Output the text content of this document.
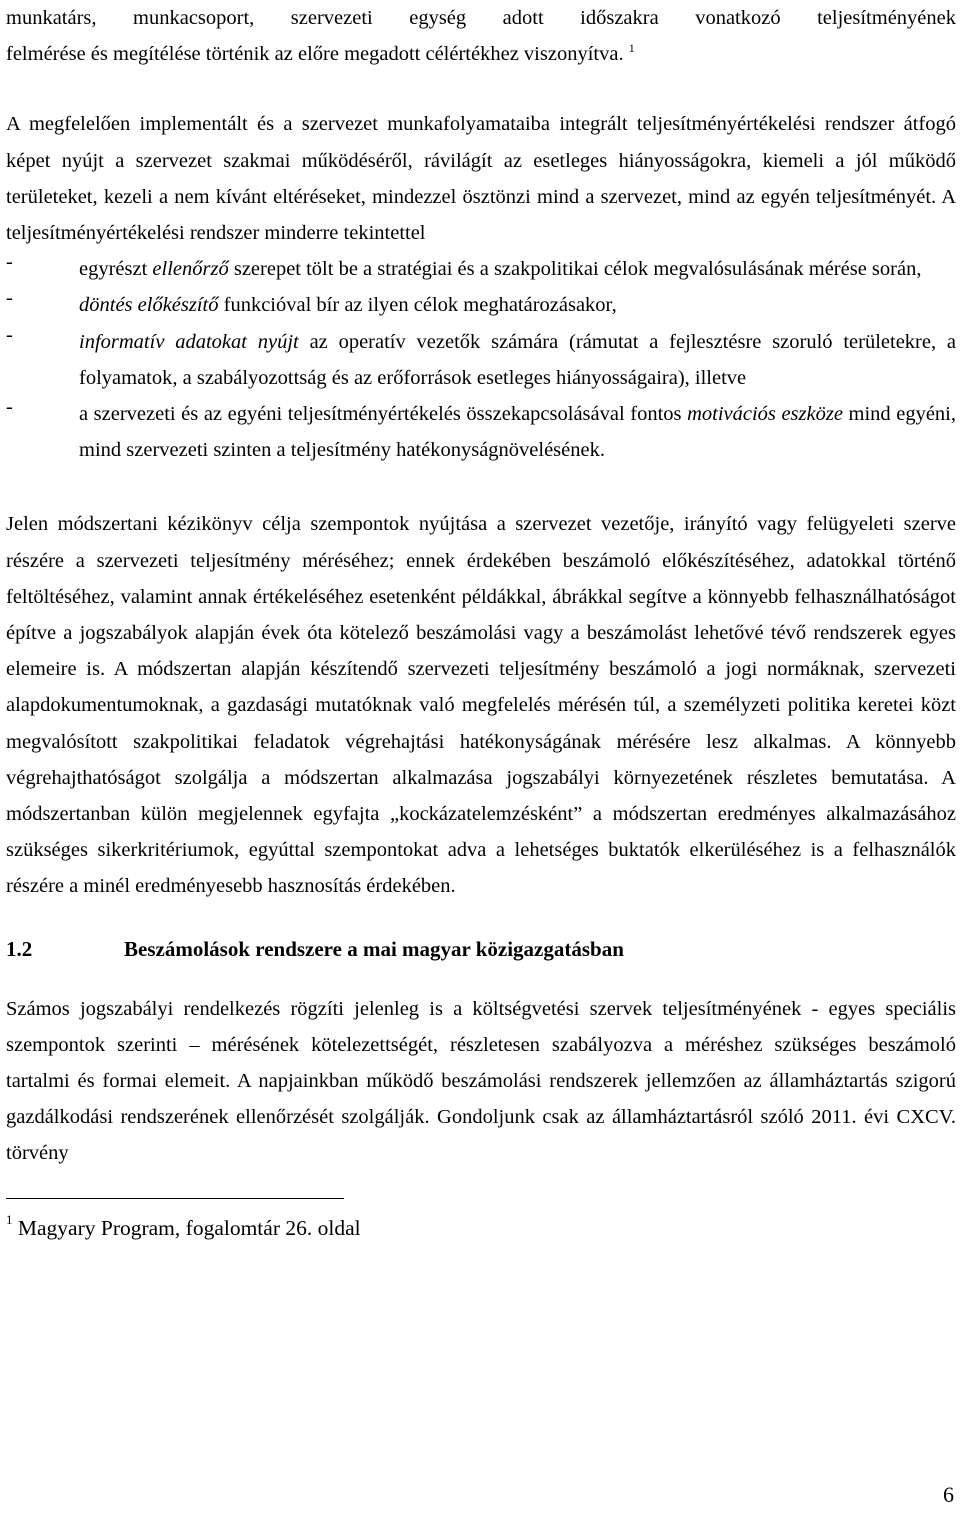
munkatárs, munkacsoport, szervezeti egység adott időszakra vonatkozó teljesítményének

felmérése és megítélése történik az előre megadott célértékhez viszonyítva. $^1$

A megfelelően implementált és a szervezet munkafolyamataiba integrált teljesítményértékelési rendszer átfogó képet nyújt a szervezet szakmai működéséről, rávilágít az esetleges hiányosságokra, kiemeli a jól működő területeket, kezeli a nem kívánt eltéréseket, mindezzel ösztönzi mind a szervezet, mind az egyén teljesítményét. A teljesítményértékelési rendszer minderre tekintettel

-	egyrészt ellenőrző szerepet tölt be a stratégiai és a szakpolitikai célok megvalósulásának mérése során,

-	döntés előkészítő funkcióval bír az ilyen célok meghatározásakor,

-	informatív adatokat nyújt az operatív vezetők számára (rámutat a fejlesztésre szoruló területekre, a folyamatok, a szabályozottság és az erőforrások esetleges hiányosságaira), illetve

-	a szervezeti és az egyéni teljesítményértékelés összekapcsolásával fontos motivációs eszköze mind egyéni, mind szervezeti szinten a teljesítmény hatékonyságnövelésének.

Jelen módszertani kézikönyv célja szempontok nyújtása a szervezet vezetője, irányító vagy felügyeleti szerve részére a szervezeti teljesítmény méréséhez; ennek érdekében beszámoló előkészítéséhez, adatokkal történő feltöltéséhez, valamint annak értékeléséhez esetenként példákkal, ábrákkal segítve a könnyebb felhasználhatóságot építve a jogszabályok alapján évek óta kötelező beszámolási vagy a beszámolást lehetővé tévő rendszerek egyes elemeire is. A módszertan alapján készítendő szervezeti teljesítmény beszámoló a jogi normáknak, szervezeti alapdokumentumoknak, a gazdasági mutatóknak való megfelelés mérésén túl, a személyzeti politika keretei közt megvalósított szakpolitikai feladatok végrehajtási hatékonyságának mérésére lesz alkalmas. A könnyebb végrehajthatóságot szolgálja a módszertan alkalmazása jogszabályi környezetének részletes bemutatása. A módszertanban külön megjelennek egyfajta „kockázatelemzésként” a módszertan eredményes alkalmazásához szükséges sikerkritériumok, egyúttal szempontokat adva a lehetséges buktatók elkerüléséhez is a felhasználók részére a minél eredményesebb hasznosítás érdekében.

1.2	Beszámolások rendszere a mai magyar közigazgatásban

Számos jogszabályi rendelkezés rögzíti jelenleg is a költségvetési szervek teljesítményének - egyes speciális szempontok szerinti – mérésének kötelezettségét, részletesen szabályozva a méréshez szükséges beszámoló tartalmi és formai elemeit. A napjainkban működő beszámolási rendszerek jellemzően az államháztartás szigorú gazdálkodási rendszerének ellenőrzését szolgálják. Gondoljunk csak az államháztartásról szóló 2011. évi CXCV. törvény

$^1$ Magyary Program, fogalomtár 26. oldal
6
